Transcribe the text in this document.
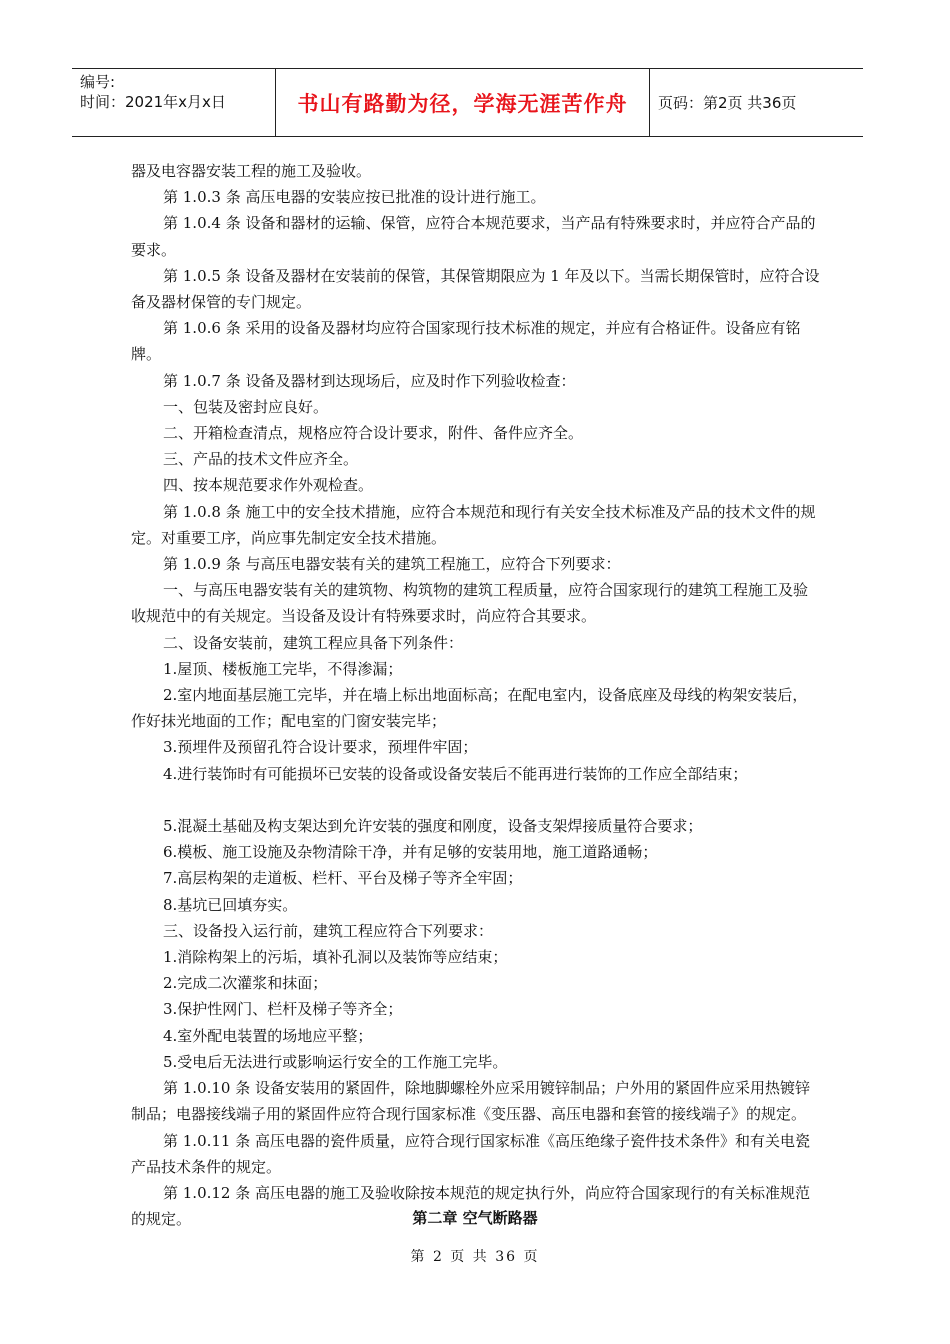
编号:
时间：2021年x月x日	书山有路勤为径，学海无涯苦作舟	页码：第2页 共36页

器及电容器安装工程的施工及验收。

第 1.0.3 条 高压电器的安装应按已批准的设计进行施工。

第 1.0.4 条 设备和器材的运输、保管，应符合本规范要求，当产品有特殊要求时，并应符合产品的要求。

第 1.0.5 条 设备及器材在安装前的保管，其保管期限应为 1 年及以下。当需长期保管时，应符合设备及器材保管的专门规定。

第 1.0.6 条 采用的设备及器材均应符合国家现行技术标准的规定，并应有合格证件。设备应有铭牌。

第 1.0.7 条 设备及器材到达现场后，应及时作下列验收检查：

一、包装及密封应良好。

二、开箱检查清点，规格应符合设计要求，附件、备件应齐全。

三、产品的技术文件应齐全。

四、按本规范要求作外观检查。

第 1.0.8 条 施工中的安全技术措施，应符合本规范和现行有关安全技术标准及产品的技术文件的规定。对重要工序，尚应事先制定安全技术措施。

第 1.0.9 条 与高压电器安装有关的建筑工程施工，应符合下列要求：

一、与高压电器安装有关的建筑物、构筑物的建筑工程质量，应符合国家现行的建筑工程施工及验收规范中的有关规定。当设备及设计有特殊要求时，尚应符合其要求。

二、设备安装前，建筑工程应具备下列条件：

1.屋顶、楼板施工完毕，不得渗漏；

2.室内地面基层施工完毕，并在墙上标出地面标高；在配电室内，设备底座及母线的构架安装后，作好抹光地面的工作；配电室的门窗安装完毕；

3.预埋件及预留孔符合设计要求，预埋件牢固；

4.进行装饰时有可能损坏已安装的设备或设备安装后不能再进行装饰的工作应全部结束；

5.混凝土基础及构支架达到允许安装的强度和刚度，设备支架焊接质量符合要求；

6.模板、施工设施及杂物清除干净，并有足够的安装用地，施工道路通畅；

7.高层构架的走道板、栏杆、平台及梯子等齐全牢固；

8.基坑已回填夯实。

三、设备投入运行前，建筑工程应符合下列要求：

1.消除构架上的污垢，填补孔洞以及装饰等应结束；

2.完成二次灌浆和抹面；

3.保护性网门、栏杆及梯子等齐全；

4.室外配电装置的场地应平整；

5.受电后无法进行或影响运行安全的工作施工完毕。

第 1.0.10 条 设备安装用的紧固件，除地脚螺栓外应采用镀锌制品；户外用的紧固件应采用热镀锌制品；电器接线端子用的紧固件应符合现行国家标准《变压器、高压电器和套管的接线端子》的规定。

第 1.0.11 条 高压电器的瓷件质量，应符合现行国家标准《高压绝缘子瓷件技术条件》和有关电瓷产品技术条件的规定。

第 1.0.12 条 高压电器的施工及验收除按本规范的规定执行外，尚应符合国家现行的有关标准规范的规定。	第二章 空气断路器
第 2 页 共 36 页
